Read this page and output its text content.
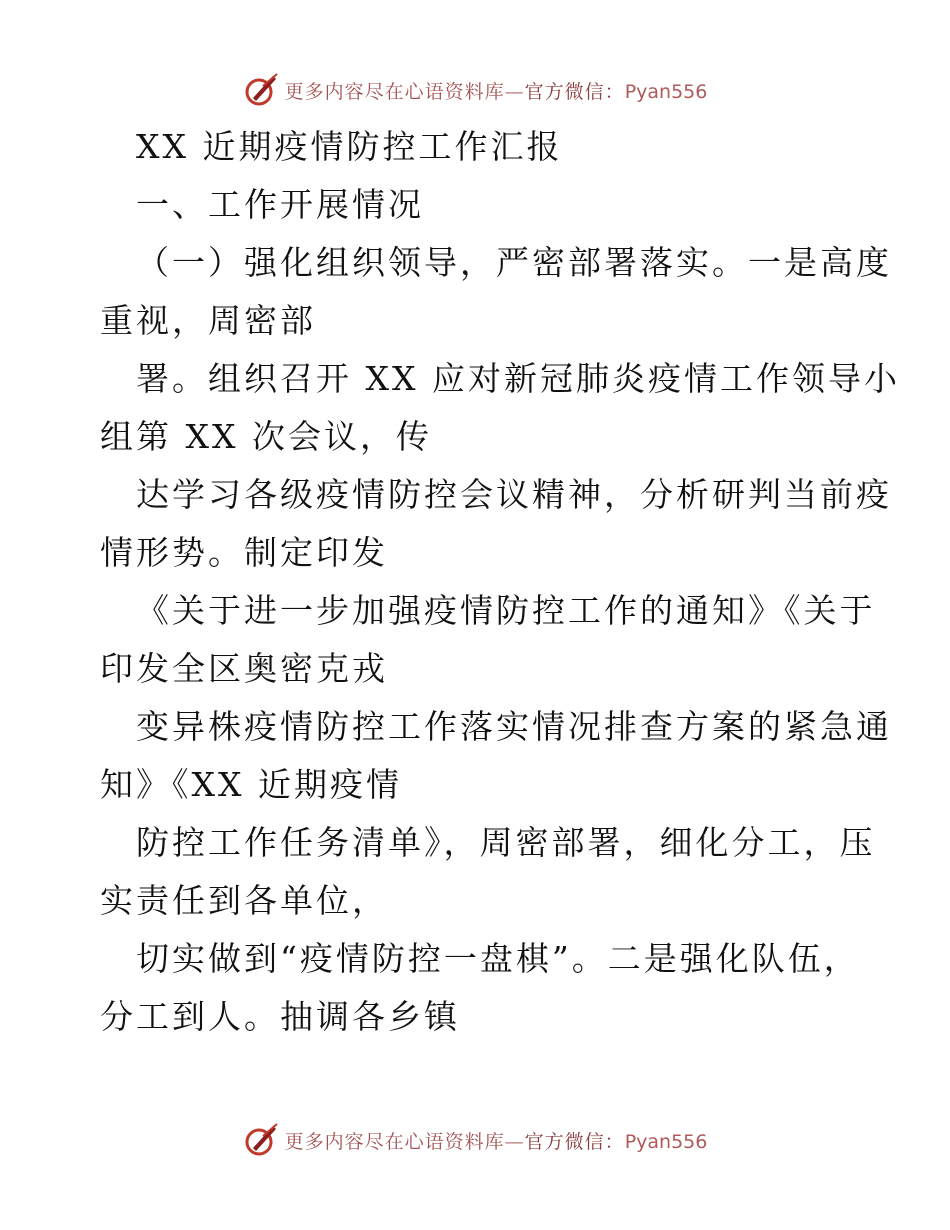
更多内容尽在心语资料库—官方微信：Pyan556
XX 近期疫情防控工作汇报
一、工作开展情况
（一）强化组织领导，严密部署落实。一是高度
重视，周密部
署。组织召开 XX 应对新冠肺炎疫情工作领导小
组第 XX 次会议，传
达学习各级疫情防控会议精神，分析研判当前疫
情形势。制定印发
《关于进一步加强疫情防控工作的通知》《关于
印发全区奥密克戎
变异株疫情防控工作落实情况排查方案的紧急通
知》《XX 近期疫情
防控工作任务清单》，周密部署，细化分工，压
实责任到各单位，
切实做到“疫情防控一盘棋”。二是强化队伍，
分工到人。抽调各乡镇
更多内容尽在心语资料库—官方微信：Pyan556
